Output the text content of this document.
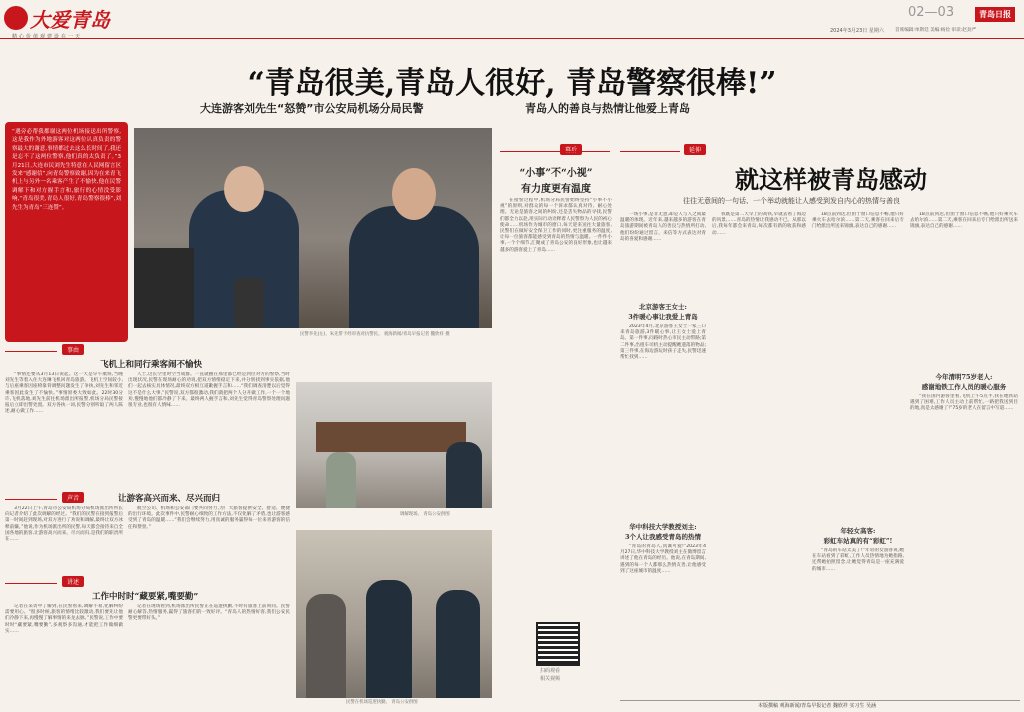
大爱青岛
精心价值观建设在一天
02—03	青岛日报
2024年3月23日 星期六 首席编辑:单斯廷 美编:杨俭 审读:赵劲严
“青岛很美,青岛人很好, 青岛警察很棒!”
大连游客刘先生“怒赞”市公安局机场分局民警	青岛人的善良与热情让他爱上青岛
“遇旁必帮我都谢这两位机场接送出所警察,这是我作为外地游客对这两位认真负责的警察最大的谢意,事情都过去这么长时间了,我还是忘不了这两位警察,他们真的太负责了。”3月21日,大连市民刘先生特意在人民网留言区发来“感谢信”,向青岛警察致谢,因为在来青飞机上与另外一名乘客产生了不愉快,他在民警调解下和对方握手言和,旅行的心情没受影响,“青岛很美,青岛人很好,青岛警察很棒”,刘先生为青岛“三连赞”。
民警李先(左)、朱先带卡经审查对抗警民。 观海新闻/青岛早报记者 魏欣祥 摄
事由
飞机上和同行乘客闹不愉快

“事情还要从3月13日说起。这一天是早午航班,当晚刘先生等着入住大连琳飞机回青岛旅游。飞机上空间较小,与后座乘客因座椅靠背调整问题发生了争执,刘先生和邻近乘客因此发生了不愉快。”事情原委大致如此。22时30分许,飞机落地,刘先生前往机场派出所报警,机场分局民警接报后立即出警处置。双方各执一词,民警分别听取了两人陈述,耐心做工作……

人士,这长空里时空当成群。一直就握在那里都已经是到位对方的警察,当时出现状况,民警在现场耐心的劝说,把双方情绪稳定下来,并分别找到事实依据,他们一起去核实具体情况,最终双方相互道歉握手言和……“我们调查清楚以后觉得这不是什么大事,”民警说,双方都很激动,我们就把两个人分开做工作,一个一个地劝,慢慢地他们都冷静了下来。最终两人握手言和,刘先生觉得青岛警察处理问题很专业,也很有人情味……

调解现场。 青岛公安供图
声音	让游客高兴而来、尽兴而归

3月22日上午,青岛市公安局机场分局机场派出所所长向记者介绍了此次调解的经过。“我们的民警在接到报警后第一时间赶到现场,对双方进行了劝说和调解,最终让双方冰释前嫌。”他说,作为机场派出所的民警,每天都会接待来自全国各地的旅客,让游客高兴而来、尽兴而归,是我们的职责所在……

航空公司、机场和公安部门要共同努力,为广大旅客提供安全、舒适、便捷的出行环境。此次事件中,民警耐心细致的工作方法,不仅化解了矛盾,也让游客感受到了青岛的温暖……“我们会继续努力,用真诚的服务赢得每一位来青游客的信任和赞誉。”

讲述
工作中时时“藏要紧,嘴要勤”

记者在采访中了解到,在民警看来,调解不易,化解纠纷需要用心。“很多时候,旅客的情绪比较激动,我们要先让他们冷静下来,再慢慢了解事情的来龙去脉。”民警说,工作中要时时“藏要紧,嘴要勤”,多观察多沟通,才能把工作做细做实……

记者在现场看到,机场派出所民警正在巡逻执勤,不时有旅客上前询问。民警耐心解答,热情服务,赢得了旅客们的一致好评。“青岛人的热情好客,我们公安民警更要带好头。”

民警在机场巡逻执勤。 青岛公安供图
幕后
“小事”不“小视”
有力度更有温度

在接警过程中,机场分局民警始终坚持“小事不小视”的原则,对群众的每一个诉求都认真对待、耐心处理。无论是旅客之间的纠纷,还是丢失物品的寻找,民警们都全力以赴,用实际行动诠释着人民警察为人民的初心使命……机场作为城市的窗口,每天迎来送往大量旅客,民警们在做好安全保卫工作的同时,更注重服务的温度,让每一位旅客都能感受到青岛的热情与温暖。一件件小事,一个个细节,汇聚成了青岛公安的良好形象,也让越来越多的游客爱上了青岛……

扫码观看
相关视频
延伸
就这样被青岛感动
往往无意间的一句话、一个举动就能让人感受到发自内心的热情与善良

一场小事,是非无意,却是人与人之间最温暖的体现。近年来,越来越多的游客在青岛旅游期间被青岛人的善良与热情所打动,他们纷纷通过留言、来信等方式表达对青岛的喜爱和感谢……

北京游客王女士:
3件暖心事让我爱上青岛

2023年4月,北京游客王女士一家三口来青岛旅游,3件暖心事,让王女士爱上青岛。第一件事,问路时热心市民主动带路;第二件事,出租车司机主动提醒她遗落的物品;第三件事,在海边游玩时孩子走失,民警迅速帮忙找到……

华中科技大学教授刘主:
3个人让我感受青岛的热情

“青岛的青岛人,真诚可爱!”2023年4月27日,华中科技大学教授刘主在微博留言讲述了他在青岛的经历。他说,在青岛期间,遇到的每一个人都那么热情友善,让他感受到了这座城市的温度……

我既是第二天早上的高铁,早就去看了海边的风景,……青岛的热情让我感动不已。从那以后,我每年都会来青岛,每次都有新的收获和感动……

18点前到达,但由于窗口信息不畅,他只好乘火车去哈尔滨……第二天,乘客在回来后专门给派出所送来锦旗,表达自己的感谢……

年轻女高客:
彩虹车站真的有“彩虹”!

“青岛的车站太美了!”年轻的女游客说,她在车站看到了彩虹,工作人员热情地为她指路,还帮她拍照留念,让她觉得青岛是一座充满爱的城市……

18点前到达,但由于窗口信息不畅,他只好乘火车去哈尔滨……第二天,乘客在回来后专门给派出所送来锦旗,表达自己的感谢……

今年清明75岁老人:
感谢地铁工作人员的暖心服务

“我在国内游客里看,飞机上午5点半,我在地铁站遇到了困难,工作人员主动上前帮忙,一路把我送到目的地,真是太感谢了!”75岁的老人在留言中写道……

本版撰稿 观海新闻/青岛早报记者 魏欣祥 实习生 吴涵
